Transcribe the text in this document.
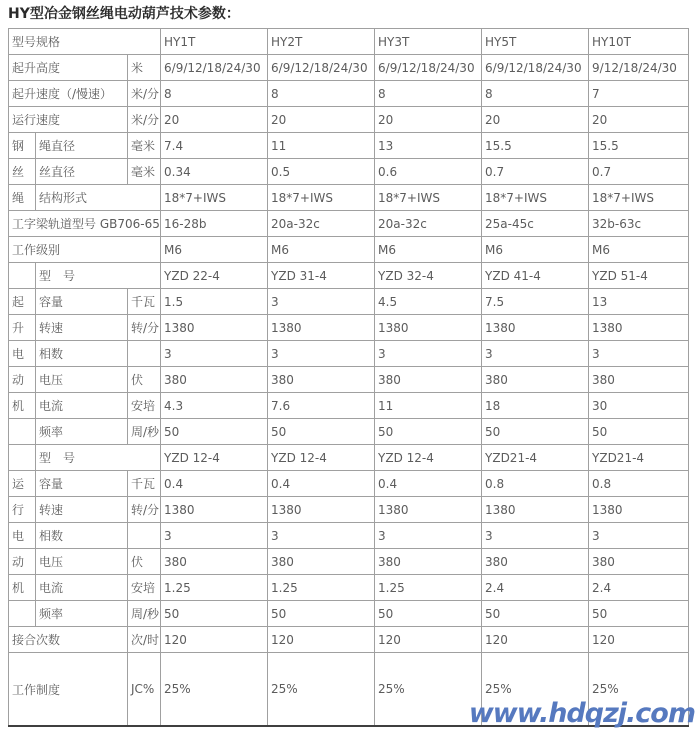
HY型冶金钢丝绳电动葫芦技术参数：
型号规格			HY1T	HY2T	HY3T	HY5T	HY10T
起升高度		米	6/9/12/18/24/30	6/9/12/18/24/30	6/9/12/18/24/30	6/9/12/18/24/30	9/12/18/24/30
起升速度（/慢速）		米/分	8	8	8	8	7
运行速度		米/分	20	20	20	20	20
钢	绳直径	毫米	7.4	11	13	15.5	15.5
丝	丝直径	毫米	0.34	0.5	0.6	0.7	0.7
绳	结构形式		18*7+IWS	18*7+IWS	18*7+IWS	18*7+IWS	18*7+IWS
工字梁轨道型号 GB706-65			16-28b	20a-32c	20a-32c	25a-45c	32b-63c
工作级别			M6	M6	M6	M6	M6
	型　号		YZD 22-4	YZD 31-4	YZD 32-4	YZD 41-4	YZD 51-4
起	容量	千瓦	1.5	3	4.5	7.5	13
升	转速	转/分	1380	1380	1380	1380	1380
电	相数		3	3	3	3	3
动	电压	伏	380	380	380	380	380
机	电流	安培	4.3	7.6	11	18	30
	频率	周/秒	50	50	50	50	50
	型　号		YZD 12-4	YZD 12-4	YZD 12-4	YZD21-4	YZD21-4
运	容量	千瓦	0.4	0.4	0.4	0.8	0.8
行	转速	转/分	1380	1380	1380	1380	1380
电	相数		3	3	3	3	3
动	电压	伏	380	380	380	380	380
机	电流	安培	1.25	1.25	1.25	2.4	2.4
	频率	周/秒	50	50	50	50	50
接合次数		次/时	120	120	120	120	120
工作制度		JC%	25%	25%	25%	25%	25%
www.hdqzj.com
